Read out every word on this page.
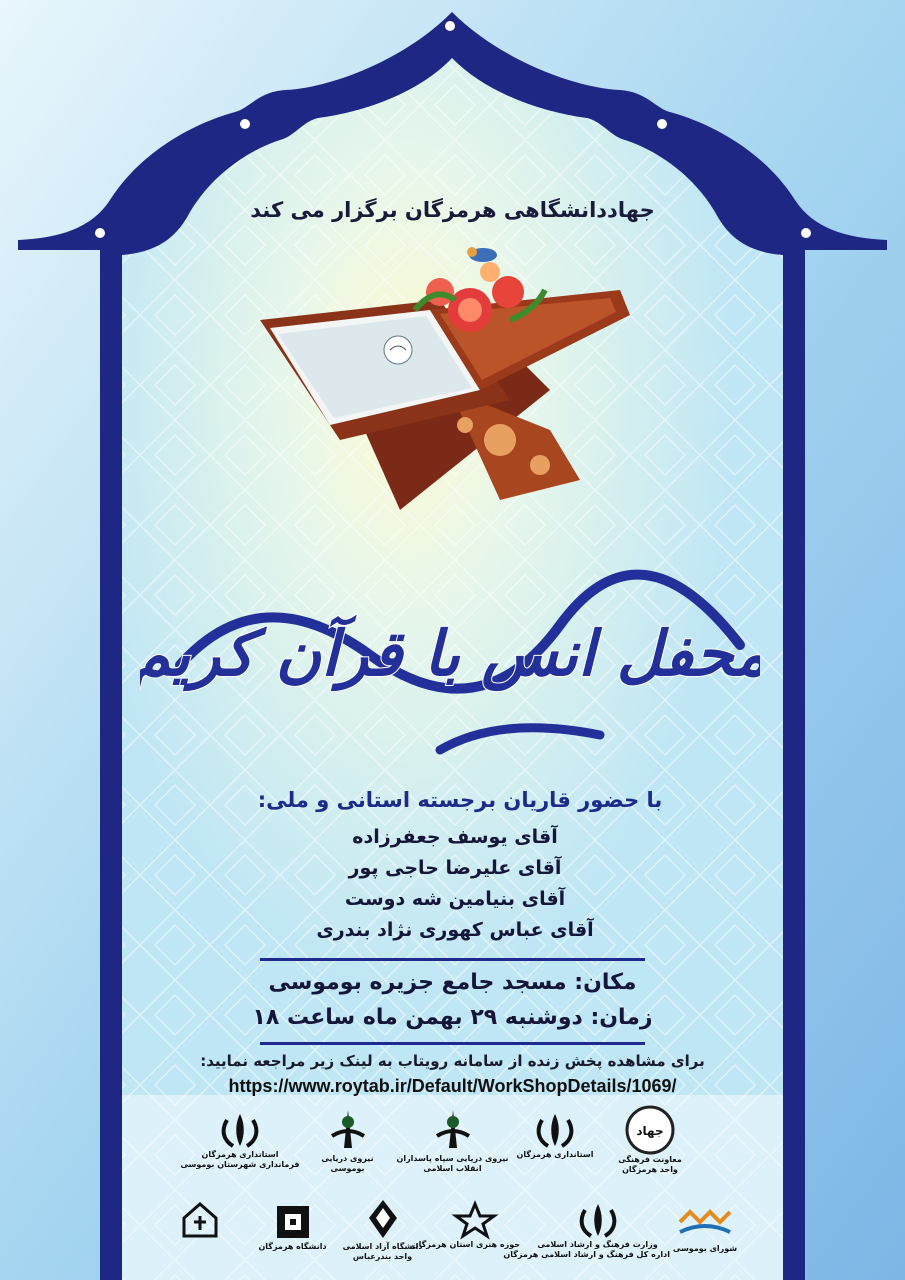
جهاددانشگاهی هرمزگان برگزار می کند
محفل انس با قرآن کریم
با حضور قاریان برجسته استانی و ملی:
آقای یوسف جعفرزاده
آقای علیرضا حاجی پور
آقای بنیامین شه دوست
آقای عباس کهوری نژاد بندری
مکان: مسجد جامع جزیره بوموسی
زمان: دوشنبه ۲۹ بهمن ماه ساعت ۱۸
برای مشاهده پخش زنده از سامانه رویتاب به لینک زیر مراجعه نمایید:
https://www.roytab.ir/Default/WorkShopDetails/1069/
جهاد
معاونت فرهنگی
واحد هرمزگان
استانداری هرمزگان
نیروی دریایی سپاه پاسداران
انقلاب اسلامی
نیروی دریایی
بوموسی
استانداری هرمزگان
فرمانداری شهرستان بوموسی
شورای بوموسی
وزارت فرهنگ و ارشاد اسلامی
اداره کل فرهنگ و ارشاد اسلامی هرمزگان
حوزه هنری استان هرمزگان
دانشگاه آزاد اسلامی
واحد بندرعباس
دانشگاه هرمزگان
